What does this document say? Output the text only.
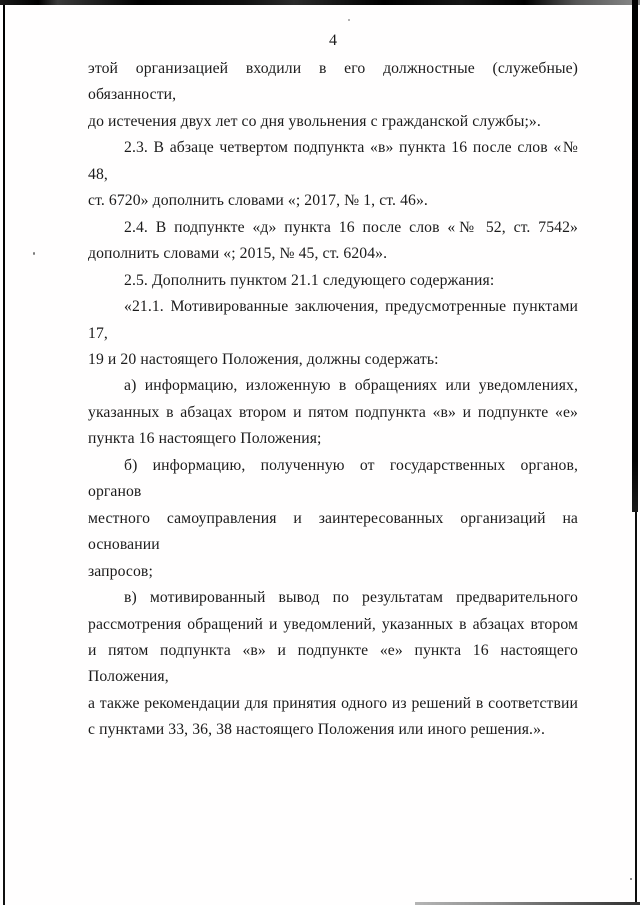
4
этой организацией входили в его должностные (служебные) обязанности,
до истечения двух лет со дня увольнения с гражданской службы;».
2.3. В абзаце четвертом подпункта «в» пункта 16 после слов «№ 48,
ст. 6720» дополнить словами «; 2017, № 1, ст. 46».
2.4. В подпункте «д» пункта 16 после слов «№ 52, ст. 7542»
дополнить словами «; 2015, № 45, ст. 6204».
2.5. Дополнить пунктом 21.1 следующего содержания:
«21.1. Мотивированные заключения, предусмотренные пунктами 17,
19 и 20 настоящего Положения, должны содержать:
а) информацию, изложенную в обращениях или уведомлениях,
указанных в абзацах втором и пятом подпункта «в» и подпункте «е»
пункта 16 настоящего Положения;
б) информацию, полученную от государственных органов, органов
местного самоуправления и заинтересованных организаций на основании
запросов;
в) мотивированный вывод по результатам предварительного
рассмотрения обращений и уведомлений, указанных в абзацах втором
и пятом подпункта «в» и подпункте «е» пункта 16 настоящего Положения,
а также рекомендации для принятия одного из решений в соответствии
с пунктами 33, 36, 38 настоящего Положения или иного решения.».
